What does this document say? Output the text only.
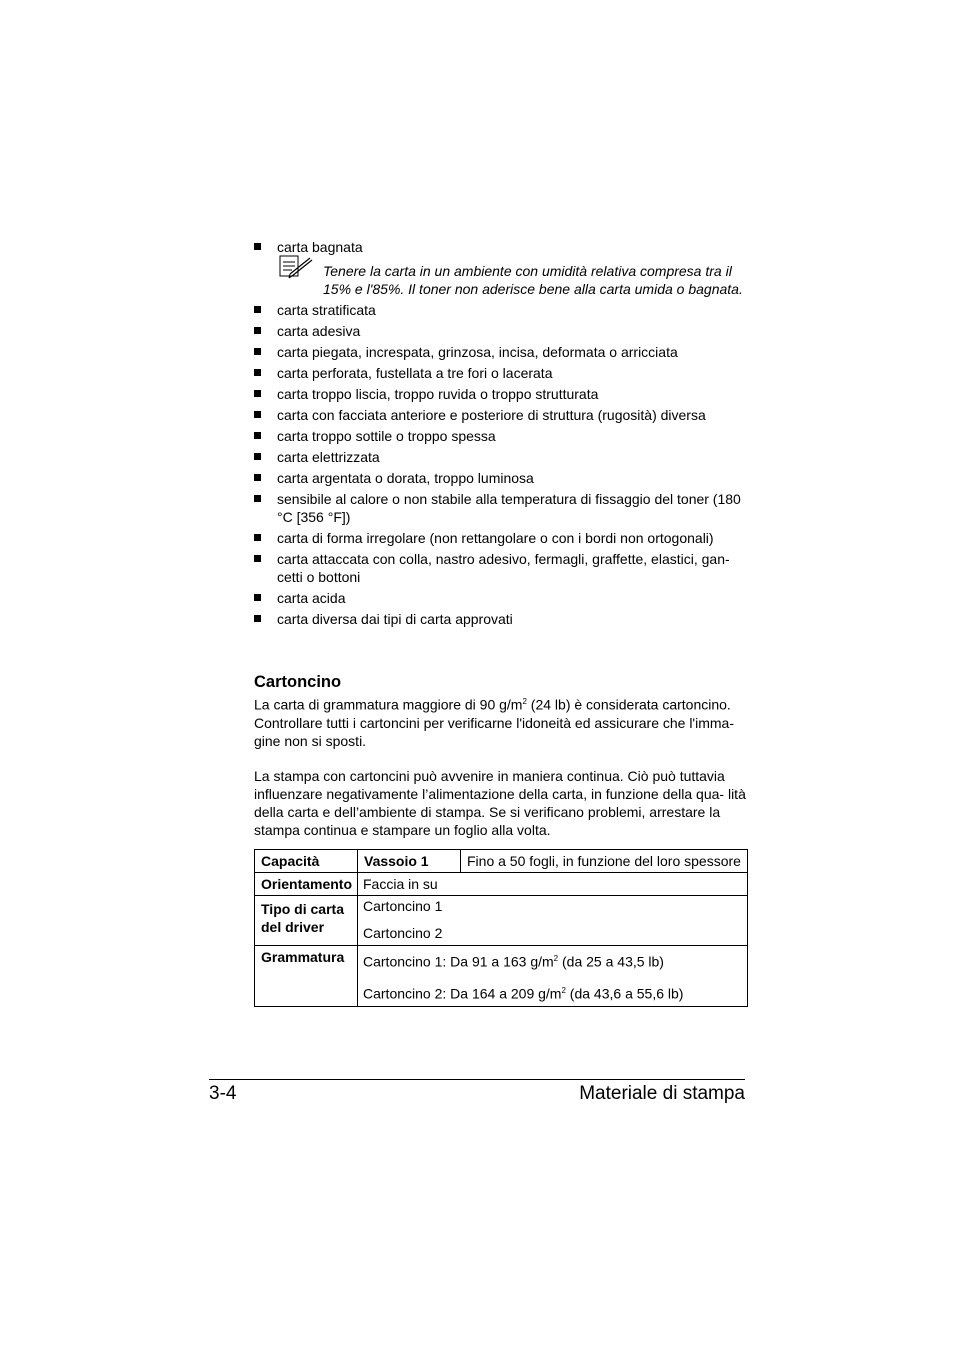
carta bagnata
Tenere la carta in un ambiente con umidità relativa compresa tra il 15% e l'85%. Il toner non aderisce bene alla carta umida o bagnata.
carta stratificata
carta adesiva
carta piegata, increspata, grinzosa, incisa, deformata o arricciata
carta perforata, fustellata a tre fori o lacerata
carta troppo liscia, troppo ruvida o troppo strutturata
carta con facciata anteriore e posteriore di struttura (rugosità) diversa
carta troppo sottile o troppo spessa
carta elettrizzata
carta argentata o dorata, troppo luminosa
sensibile al calore o non stabile alla temperatura di fissaggio del toner (180 °C [356 °F])
carta di forma irregolare (non rettangolare o con i bordi non ortogonali)
carta attaccata con colla, nastro adesivo, fermagli, graffette, elastici, gan- cetti o bottoni
carta acida
carta diversa dai tipi di carta approvati
Cartoncino

La carta di grammatura maggiore di 90 $g/m^2$ (24 lb) è considerata cartoncino. Controllare tutti i cartoncini per verificarne l'idoneità ed assicurare che l'imma- gine non si sposti.

La stampa con cartoncini può avvenire in maniera continua. Ciò può tuttavia influenzare negativamente l’alimentazione della carta, in funzione della qua- lità della carta e dell’ambiente di stampa. Se si verificano problemi, arrestare la stampa continua e stampare un foglio alla volta.

Capacità	Vassoio 1	Fino a 50 fogli, in funzione del loro spessore
Orientamento	Faccia in su	
Tipo di carta del driver	Cartoncino 1
Cartoncino 2	

Grammatura	Cartoncino 1: Da 91 a 163 $g/m^2$ (da 25 a 43,5 lb)
Cartoncino 2: Da 164 a 209 $g/m^2$ (da 43,6 a 55,6 lb)	
3-4	Materiale di stampa
